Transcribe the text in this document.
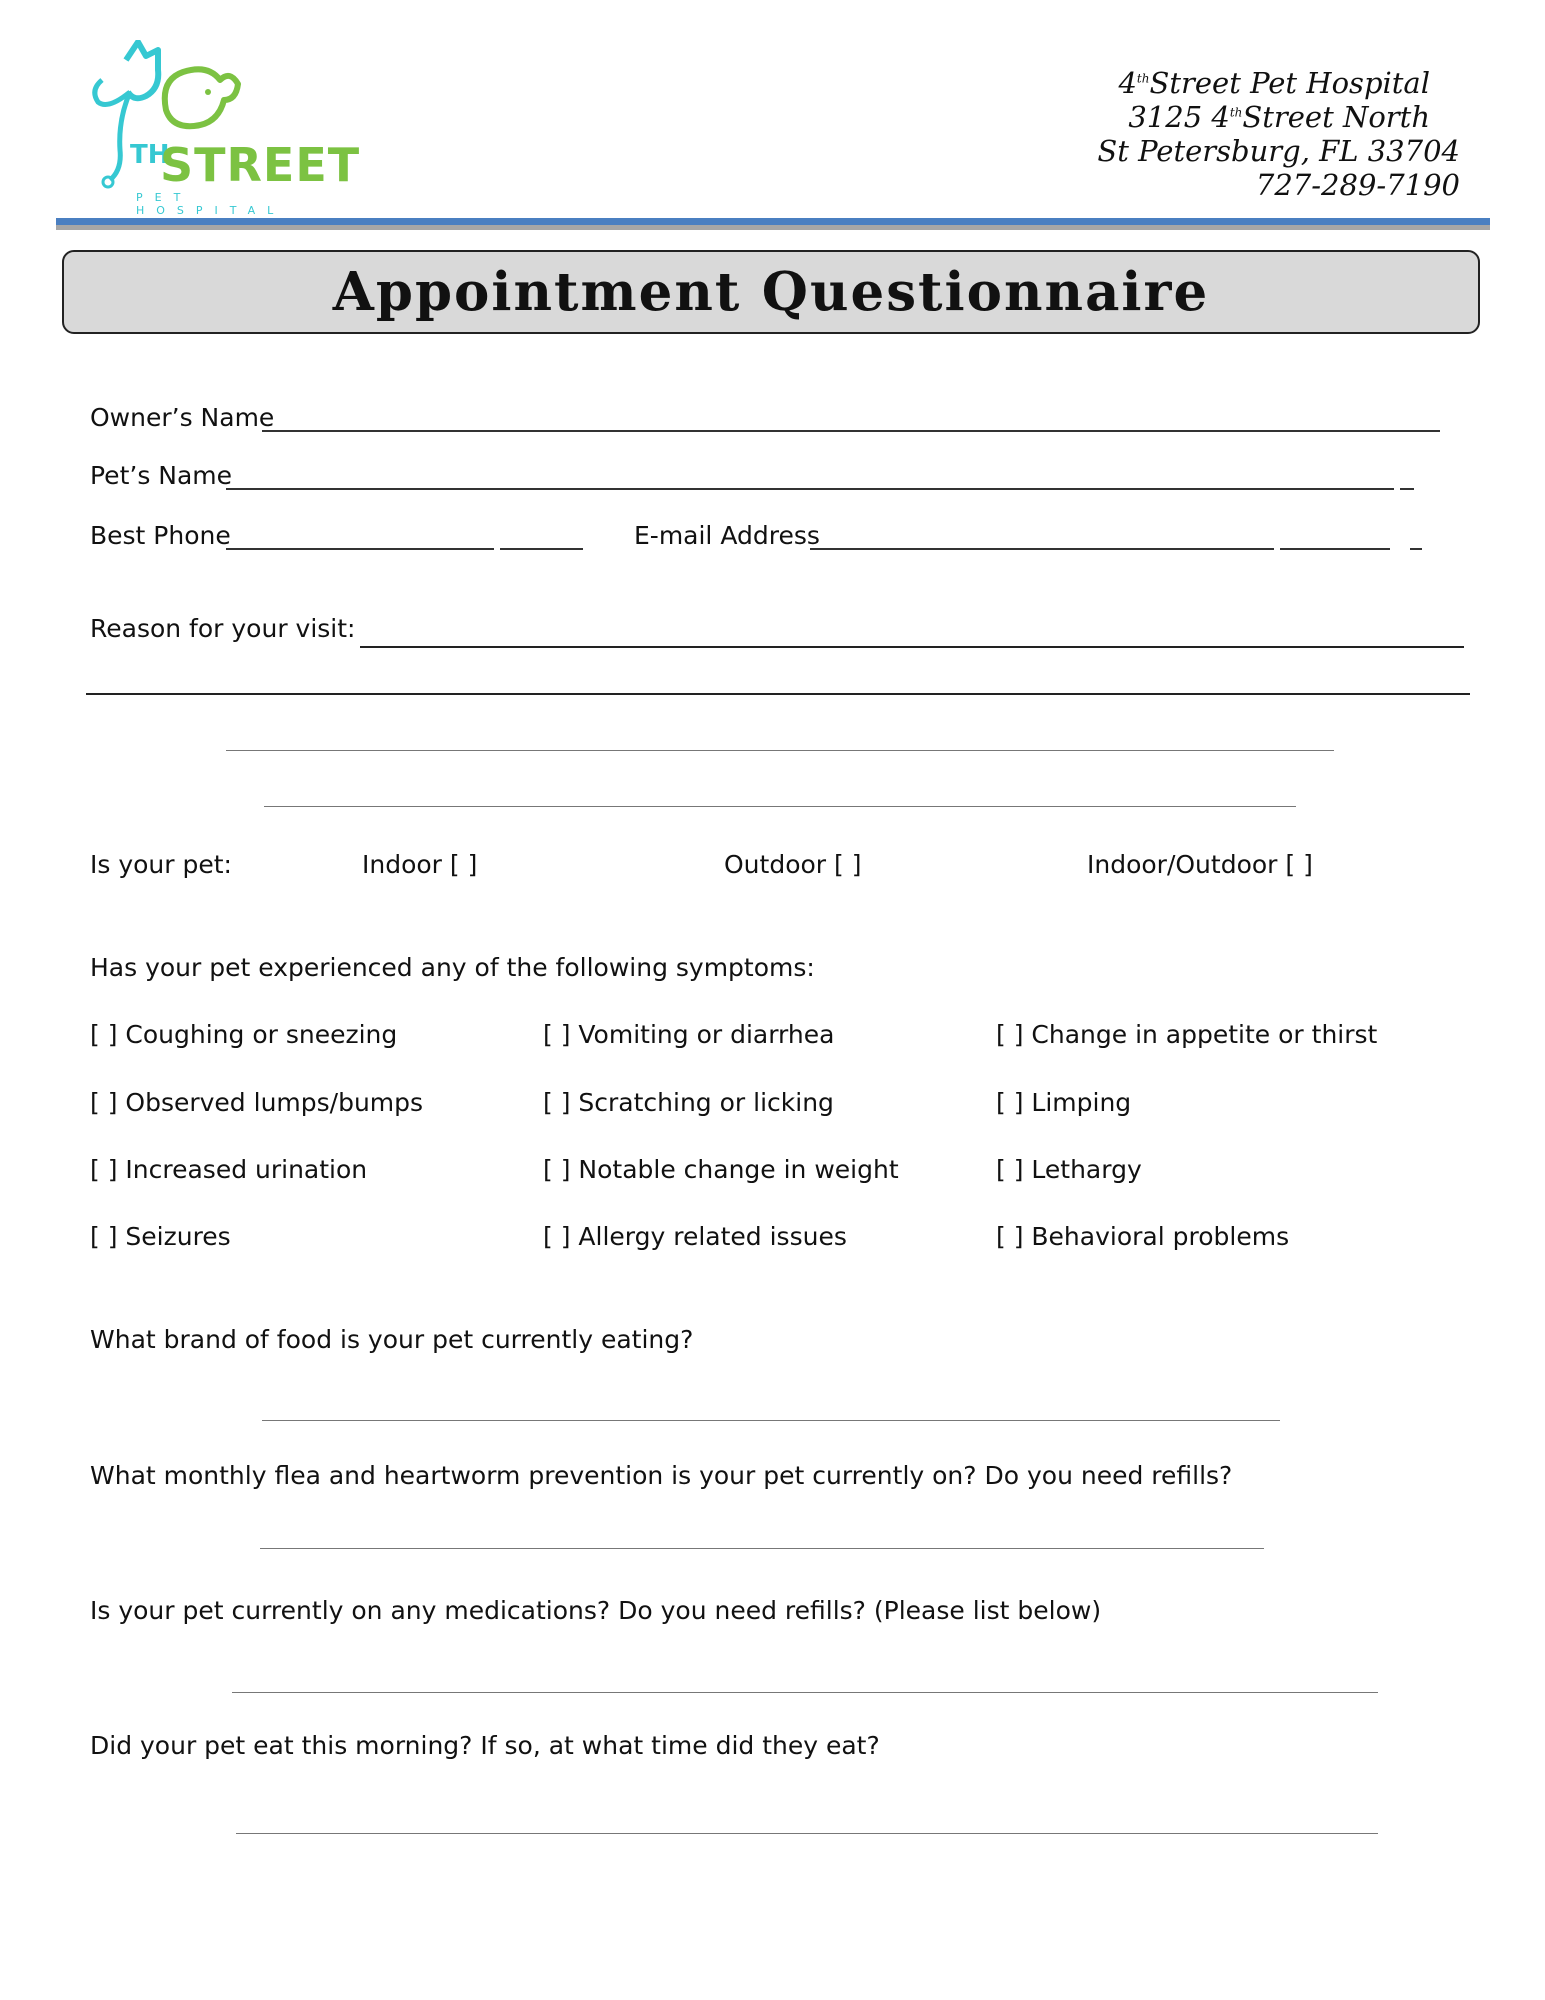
TH
STREET
PET HOSPITAL
4thStreet Pet Hospital
3125 4thStreet North
St Petersburg, FL 33704
727-289-7190
Appointment Questionnaire
Owner’s Name
Pet’s Name
Best Phone	E-mail Address
Reason for your visit:
Is your pet:	Indoor [ ]	Outdoor [ ]	Indoor/Outdoor [ ]
Has your pet experienced any of the following symptoms:
[ ] Coughing or sneezing	[ ] Vomiting or diarrhea	[ ] Change in appetite or thirst
[ ] Observed lumps/bumps	[ ] Scratching or licking	[ ] Limping
[ ] Increased urination	[ ] Notable change in weight	[ ] Lethargy
[ ] Seizures	[ ] Allergy related issues	[ ] Behavioral problems
What brand of food is your pet currently eating?
What monthly flea and heartworm prevention is your pet currently on? Do you need refills?
Is your pet currently on any medications? Do you need refills? (Please list below)
Did your pet eat this morning? If so, at what time did they eat?
